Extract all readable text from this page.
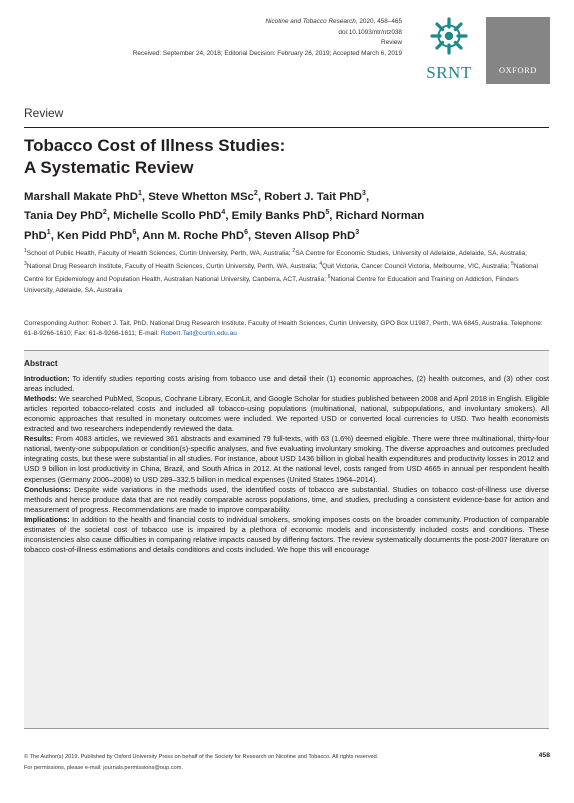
Nicotine and Tobacco Research, 2020, 458–465
doi:10.1093/ntr/ntz038
Review
Received: September 24, 2018; Editorial Decision: February 26, 2019; Accepted March 6, 2019
SRNT	OXFORD
Review
Tobacco Cost of Illness Studies:
A Systematic Review
Marshall Makate PhD$^1$, Steve Whetton MSc$^2$, Robert J. Tait PhD$^3$,
Tania Dey PhD$^2$, Michelle Scollo PhD$^4$, Emily Banks PhD$^5$, Richard Norman
PhD$^1$, Ken Pidd PhD$^6$, Ann M. Roche PhD$^6$, Steven Allsop PhD$^3$
$^1$School of Public Health, Faculty of Health Sciences, Curtin University, Perth, WA, Australia; $^2$SA Centre for Economic Studies, University of Adelaide, Adelaide, SA, Australia; $^3$National Drug Research Institute, Faculty of Health Sciences, Curtin University, Perth, WA, Australia; $^4$Quit Victoria, Cancer Council Victoria, Melbourne, VIC, Australia; $^5$National Centre for Epidemiology and Population Health, Australian National University, Canberra, ACT, Australia; $^6$National Centre for Education and Training on Addiction, Flinders University, Adelaide, SA, Australia
Corresponding Author: Robert J. Tait, PhD, National Drug Research Institute, Faculty of Health Sciences, Curtin University, GPO Box U1987, Perth, WA 6845, Australia. Telephone: 61-8-9266-1610; Fax: 61-8-9266-1611; E-mail: Robert.Tait@curtin.edu.au
Abstract

Introduction: To identify studies reporting costs arising from tobacco use and detail their (1) economic approaches, (2) health outcomes, and (3) other cost areas included.

Methods: We searched PubMed, Scopus, Cochrane Library, EconLit, and Google Scholar for studies published between 2008 and April 2018 in English. Eligible articles reported tobacco-related costs and included all tobacco-using populations (multinational, national, subpopulations, and involuntary smokers). All economic approaches that resulted in monetary outcomes were included. We reported USD or converted local currencies to USD. Two health economists extracted and two researchers independently reviewed the data.

Results: From 4083 articles, we reviewed 361 abstracts and examined 79 full-texts, with 63 (1.6%) deemed eligible. There were three multinational, thirty-four national, twenty-one subpopulation or condition(s)-specific analyses, and five evaluating involuntary smoking. The diverse approaches and outcomes precluded integrating costs, but these were substantial in all studies. For instance, about USD 1436 billion in global health expenditures and productivity losses in 2012 and USD 9 billion in lost productivity in China, Brazil, and South Africa in 2012. At the national level, costs ranged from USD 4665 in annual per respondent health expenses (Germany 2006–2008) to USD 289–332.5 billion in medical expenses (United States 1964–2014).

Conclusions: Despite wide variations in the methods used, the identified costs of tobacco are substantial. Studies on tobacco cost-of-illness use diverse methods and hence produce data that are not readily comparable across populations, time, and studies, precluding a consistent evidence-base for action and measurement of progress. Recommendations are made to improve comparability.

Implications: In addition to the health and financial costs to individual smokers, smoking imposes costs on the broader community. Production of comparable estimates of the societal cost of tobacco use is impaired by a plethora of economic models and inconsistently included costs and conditions. These inconsistencies also cause difficulties in comparing relative impacts caused by differing factors. The review systematically documents the post-2007 literature on tobacco cost-of-illness estimations and details conditions and costs included. We hope this will encourage

© The Author(s) 2019. Published by Oxford University Press on behalf of the Society for Research on Nicotine and Tobacco. All rights reserved.
For permissions, please e-mail: journals.permissions@oup.com.
458
